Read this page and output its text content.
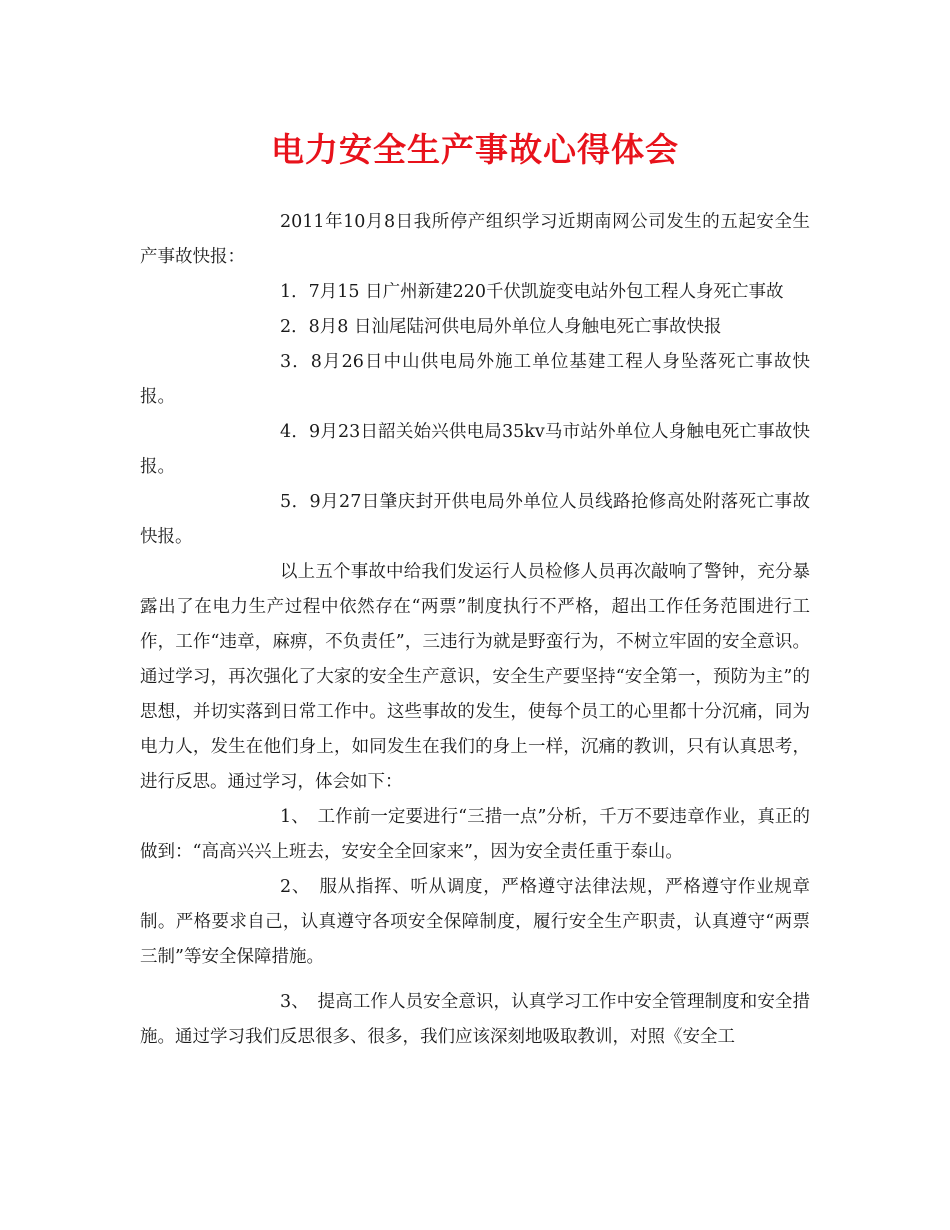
电力安全生产事故心得体会

2011年10月8日我所停产组织学习近期南网公司发生的五起安全生产事故快报：

1．7月15 日广州新建220千伏凯旋变电站外包工程人身死亡事故

2．8月8 日汕尾陆河供电局外单位人身触电死亡事故快报

3．8月26日中山供电局外施工单位基建工程人身坠落死亡事故快报。

4．9月23日韶关始兴供电局35kv马市站外单位人身触电死亡事故快报。

5．9月27日肇庆封开供电局外单位人员线路抢修高处附落死亡事故快报。

以上五个事故中给我们发运行人员检修人员再次敲响了警钟，充分暴露出了在电力生产过程中依然存在“两票”制度执行不严格，超出工作任务范围进行工作，工作“违章，麻痹，不负责任”，三违行为就是野蛮行为，不树立牢固的安全意识。通过学习，再次强化了大家的安全生产意识，安全生产要坚持“安全第一，预防为主”的思想，并切实落到日常工作中。这些事故的发生，使每个员工的心里都十分沉痛，同为电力人，发生在他们身上，如同发生在我们的身上一样，沉痛的教训，只有认真思考，进行反思。通过学习，体会如下：

1、　工作前一定要进行“三措一点”分析，千万不要违章作业，真正的做到：“高高兴兴上班去，安安全全回家来”，因为安全责任重于泰山。

2、　服从指挥、听从调度，严格遵守法律法规，严格遵守作业规章制。严格要求自己，认真遵守各项安全保障制度，履行安全生产职责，认真遵守“两票三制”等安全保障措施。

3、　提高工作人员安全意识，认真学习工作中安全管理制度和安全措施。通过学习我们反思很多、很多，我们应该深刻地吸取教训，对照《安全工
